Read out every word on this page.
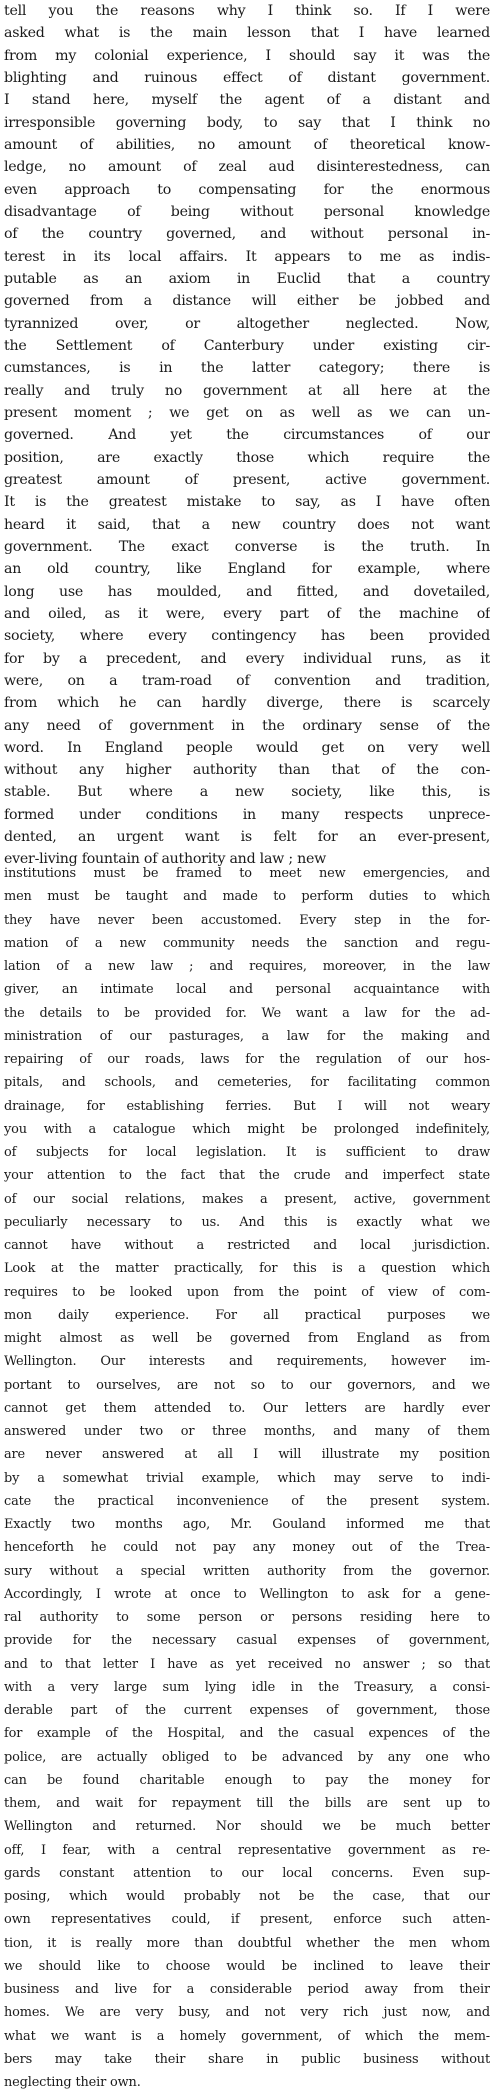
tell you the reasons why I think so. If I were
asked what is the main lesson that I have learned
from my colonial experience, I should say it was the
blighting and ruinous effect of distant government.
I stand here, myself the agent of a distant and
irresponsible governing body, to say that I think no
amount of abilities, no amount of theoretical know-
ledge, no amount of zeal aud disinterestedness, can
even approach to compensating for the enormous
disadvantage of being without personal knowledge
of the country governed, and without personal in-
terest in its local affairs. It appears to me as indis-
putable as an axiom in Euclid that a country
governed from a distance will either be jobbed and
tyrannized over, or altogether neglected. Now,
the Settlement of Canterbury under existing cir-
cumstances, is in the latter category; there is
really and truly no government at all here at the
present moment ; we get on as well as we can un-
governed. And yet the circumstances of our
position, are exactly those which require the
greatest amount of present, active government.
It is the greatest mistake to say, as I have often
heard it said, that a new country does not want
government. The exact converse is the truth. In
an old country, like England for example, where
long use has moulded, and fitted, and dovetailed,
and oiled, as it were, every part of the machine of
society, where every contingency has been provided
for by a precedent, and every individual runs, as it
were, on a tram-road of convention and tradition,
from which he can hardly diverge, there is scarcely
any need of government in the ordinary sense of the
word. In England people would get on very well
without any higher authority than that of the con-
stable. But where a new society, like this, is
formed under conditions in many respects unprece-
dented, an urgent want is felt for an ever-present,
ever-living fountain of authority and law ; new
institutions must be framed to meet new emergencies, and
men must be taught and made to perform duties to which
they have never been accustomed. Every step in the for-
mation of a new community needs the sanction and regu-
lation of a new law ; and requires, moreover, in the law
giver, an intimate local and personal acquaintance with
the details to be provided for. We want a law for the ad-
ministration of our pasturages, a law for the making and
repairing of our roads, laws for the regulation of our hos-
pitals, and schools, and cemeteries, for facilitating common
drainage, for establishing ferries. But I will not weary
you with a catalogue which might be prolonged indefinitely,
of subjects for local legislation. It is sufficient to draw
your attention to the fact that the crude and imperfect state
of our social relations, makes a present, active, government
peculiarly necessary to us. And this is exactly what we
cannot have without a restricted and local jurisdiction.
Look at the matter practically, for this is a question which
requires to be looked upon from the point of view of com-
mon daily experience. For all practical purposes we
might almost as well be governed from England as from
Wellington. Our interests and requirements, however im-
portant to ourselves, are not so to our governors, and we
cannot get them attended to. Our letters are hardly ever
answered under two or three months, and many of them
are never answered at all I will illustrate my position
by a somewhat trivial example, which may serve to indi-
cate the practical inconvenience of the present system.
Exactly two months ago, Mr. Gouland informed me that
henceforth he could not pay any money out of the Trea-
sury without a special written authority from the governor.
Accordingly, I wrote at once to Wellington to ask for a gene-
ral authority to some person or persons residing here to
provide for the necessary casual expenses of government,
and to that letter I have as yet received no answer ; so that
with a very large sum lying idle in the Treasury, a consi-
derable part of the current expenses of government, those
for example of the Hospital, and the casual expences of the
police, are actually obliged to be advanced by any one who
can be found charitable enough to pay the money for
them, and wait for repayment till the bills are sent up to
Wellington and returned. Nor should we be much better
off, I fear, with a central representative government as re-
gards constant attention to our local concerns. Even sup-
posing, which would probably not be the case, that our
own representatives could, if present, enforce such atten-
tion, it is really more than doubtful whether the men whom
we should like to choose would be inclined to leave their
business and live for a considerable period away from their
homes. We are very busy, and not very rich just now, and
what we want is a homely government, of which the mem-
bers may take their share in public business without
neglecting their own.
